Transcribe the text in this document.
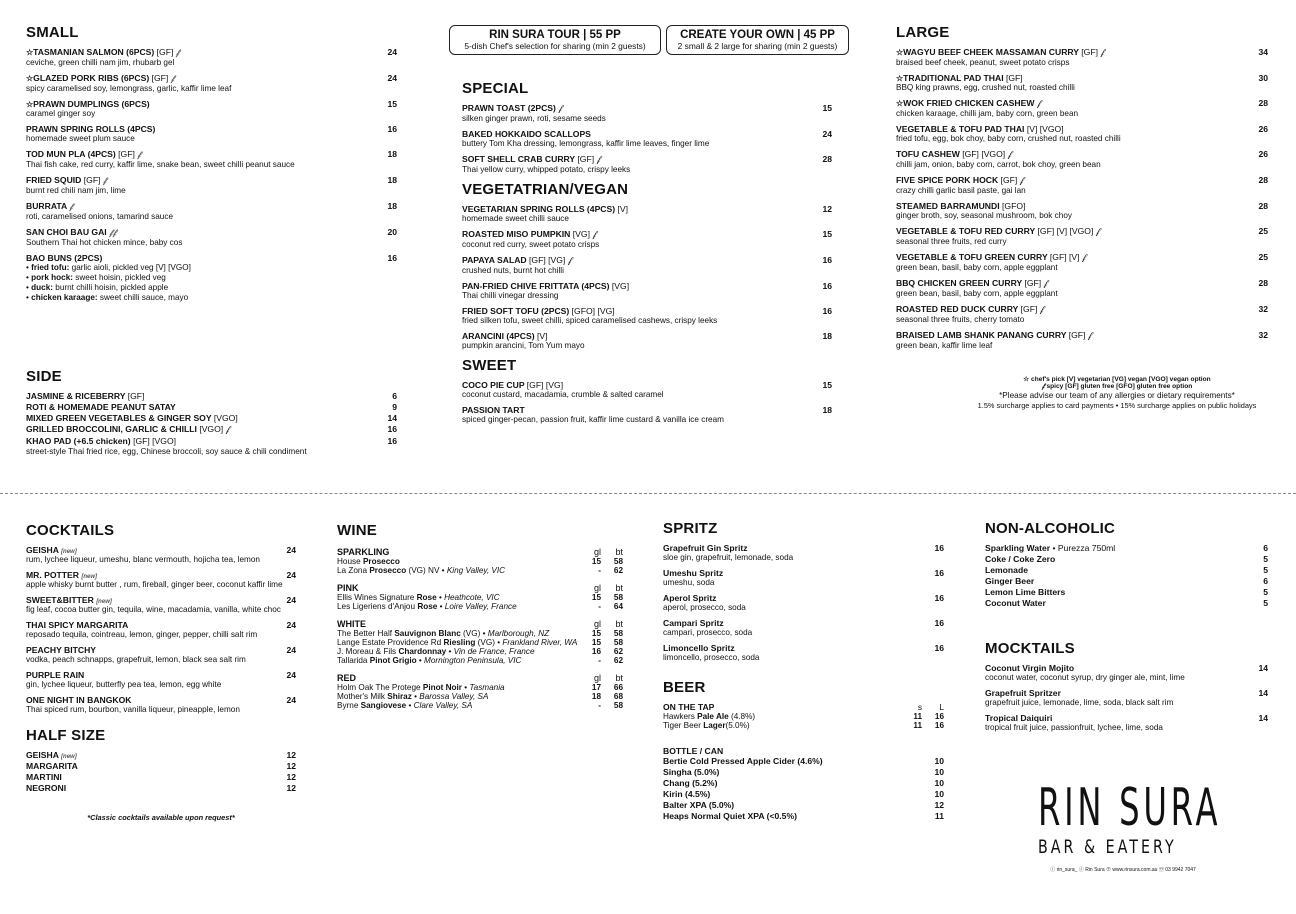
SMALL
☆TASMANIAN SALMON (6PCS) [GF] 𝒻	24
ceviche, green chilli nam jim, rhubarb gel
☆GLAZED PORK RIBS (6PCS) [GF] 𝒻	24
spicy caramelised soy, lemongrass, garlic, kaffir lime leaf
☆PRAWN DUMPLINGS (6PCS)	15
caramel ginger soy
PRAWN SPRING ROLLS (4PCS)	16
homemade sweet plum sauce
TOD MUN PLA (4PCS) [GF] 𝒻	18
Thai fish cake, red curry, kaffir lime, snake bean, sweet chilli peanut sauce
FRIED SQUID [GF] 𝒻	18
burnt red chili nam jim, lime
BURRATA 𝒻	18
roti, caramelised onions, tamarind sauce
SAN CHOI BAU GAI 𝒻𝒻	20
Southern Thai hot chicken mince, baby cos
BAO BUNS (2PCS)	16
• fried tofu: garlic aioli, pickled veg [V] [VGO]
• pork hock: sweet hoisin, pickled veg
• duck: burnt chilli hoisin, pickled apple
• chicken karaage: sweet chilli sauce, mayo
SIDE
JASMINE & RICEBERRY [GF]	6
ROTI & HOMEMADE PEANUT SATAY	9
MIXED GREEN VEGETABLES & GINGER SOY [VGO]	14
GRILLED BROCCOLINI, GARLIC & CHILLI [VGO] 𝒻	16
KHAO PAD (+6.5 chicken) [GF] [VGO]	16
street-style Thai fried rice, egg, Chinese broccoli, soy sauce & chili condiment
RIN SURA TOUR | 55 PP
5-dish Chef's selection for sharing (min 2 guests)
CREATE YOUR OWN | 45 PP
2 small & 2 large for sharing (min 2 guests)
SPECIAL
PRAWN TOAST (2PCS) 𝒻	15
silken ginger prawn, roti, sesame seeds
BAKED HOKKAIDO SCALLOPS	24
buttery Tom Kha dressing, lemongrass, kaffir lime leaves, finger lime
SOFT SHELL CRAB CURRY [GF] 𝒻	28
Thai yellow curry, whipped potato, crispy leeks
VEGETATRIAN/VEGAN
VEGETARIAN SPRING ROLLS (4PCS) [V]	12
homemade sweet chilli sauce
ROASTED MISO PUMPKIN [VG] 𝒻	15
coconut red curry, sweet potato crisps
PAPAYA SALAD [GF] [VG] 𝒻	16
crushed nuts, burnt hot chilli
PAN-FRIED CHIVE FRITTATA (4PCS) [VG]	16
Thai chilli vinegar dressing
FRIED SOFT TOFU (2PCS) [GFO] [VG]	16
fried silken tofu, sweet chilli, spiced caramelised cashews, crispy leeks
ARANCINI (4PCS) [V]	18
pumpkin arancini, Tom Yum mayo
SWEET
COCO PIE CUP [GF] [VG]	15
coconut custard, macadamia, crumble & salted caramel
PASSION TART	18
spiced ginger-pecan, passion fruit, kaffir lime custard & vanilla ice cream
LARGE
☆WAGYU BEEF CHEEK MASSAMAN CURRY [GF] 𝒻	34
braised beef cheek, peanut, sweet potato crisps
☆TRADITIONAL PAD THAI [GF]	30
BBQ king prawns, egg, crushed nut, roasted chilli
☆WOK FRIED CHICKEN CASHEW 𝒻	28
chicken karaage, chilli jam, baby corn, green bean
VEGETABLE & TOFU PAD THAI [V] [VGO]	26
fried tofu, egg, bok choy, baby corn, crushed nut, roasted chilli
TOFU CASHEW [GF] [VGO] 𝒻	26
chilli jam, onion, baby corn, carrot, bok choy, green bean
FIVE SPICE PORK HOCK [GF] 𝒻	28
crazy chilli garlic basil paste, gai lan
STEAMED BARRAMUNDI [GFO]	28
ginger broth, soy, seasonal mushroom, bok choy
VEGETABLE & TOFU RED CURRY [GF] [V] [VGO] 𝒻	25
seasonal three fruits, red curry
VEGETABLE & TOFU GREEN CURRY [GF] [V] 𝒻	25
green bean, basil, baby corn, apple eggplant
BBQ CHICKEN GREEN CURRY [GF] 𝒻	28
green bean, basil, baby corn, apple eggplant
ROASTED RED DUCK CURRY [GF] 𝒻	32
seasonal three fruits, cherry tomato
BRAISED LAMB SHANK PANANG CURRY [GF] 𝒻	32
green bean, kaffir lime leaf
☆ chef's pick [V] vegetarian [VG] vegan [VGO] vegan option
𝒻 spicy [GF] gluten free [GFO] gluten free option
*Please advise our team of any allergies or dietary requirements*
1.5% surcharge applies to card payments • 15% surcharge applies on public holidays
COCKTAILS
GEISHA [new]	24
rum, lychee liqueur, umeshu, blanc vermouth, hojicha tea, lemon
MR. POTTER [new]	24
apple whisky burnt butter , rum, fireball, ginger beer, coconut kaffir lime
SWEET&BITTER [new]	24
fig leaf, cocoa butter gin, tequila, wine, macadamia, vanilla, white choc
THAI SPICY MARGARITA	24
reposado tequila, cointreau, lemon, ginger, pepper, chilli salt rim
PEACHY BITCHY	24
vodka, peach schnapps, grapefruit, lemon, black sea salt rim
PURPLE RAIN	24
gin, lychee liqueur, butterfly pea tea, lemon, egg white
ONE NIGHT IN BANGKOK	24
Thai spiced rum, bourbon, vanilla liqueur, pineapple, lemon
HALF SIZE
GEISHA [new]	12
MARGARITA	12
MARTINI	12
NEGRONI	12
*Classic cocktails available upon request*
WINE
SPARKLING	gl bt
House Prosecco	15 58
La Zona Prosecco (VG) NV • King Valley, VIC	- 62
PINK	gl bt
Ellis Wines Signature Rose • Heathcote, VIC	15 58
Les Ligeriens d'Anjou Rose • Loire Valley, France	- 64
WHITE	gl bt
The Better Half Sauvignon Blanc (VG) • Marlborough, NZ	15 58
Lange Estate Providence Rd Riesling (VG) • Frankland River, WA	15 58
J. Moreau & Fils Chardonnay • Vin de France, France	16 62
Tallarida Pinot Grigio • Mornington Peninsula, VIC	- 62
RED	gl bt
Holm Oak The Protege Pinot Noir • Tasmania	17 66
Mother's Milk Shiraz • Barossa Valley, SA	18 68
Byrne Sangiovese • Clare Valley, SA	- 58
SPRITZ
Grapefruit Gin Spritz	16
sloe gin, grapefruit, lemonade, soda
Umeshu Spritz	16
umeshu, soda
Aperol Spritz	16
aperol, prosecco, soda
Campari Spritz	16
campari, prosecco, soda
Limoncello Spritz	16
limoncello, prosecco, soda
BEER
ON THE TAP	s L
Hawkers Pale Ale (4.8%)	11 16
Tiger Beer Lager(5.0%)	11 16
BOTTLE / CAN
Bertie Cold Pressed Apple Cider (4.6%)	10
Singha (5.0%)	10
Chang (5.2%)	10
Kirin (4.5%)	10
Balter XPA (5.0%)	12
Heaps Normal Quiet XPA (<0.5%)	11
NON-ALCOHOLIC
Sparkling Water • Purezza 750ml	6
Coke / Coke Zero	5
Lemonade	5
Ginger Beer	6
Lemon Lime Bitters	5
Coconut Water	5
MOCKTAILS
Coconut Virgin Mojito	14
coconut water, coconut syrup, dry ginger ale, mint, lime
Grapefruit Spritzer	14
grapefruit juice, lemonade, lime, soda, black salt rim
Tropical Daiquiri	14
tropical fruit juice, passionfruit, lychee, lime, soda
RIN SURA
BAR & EATERY
ⓘ rin_sura_ ⓕ Rin Sura ⊕ www.rinsura.com.au ☏ 03 9942 7047
